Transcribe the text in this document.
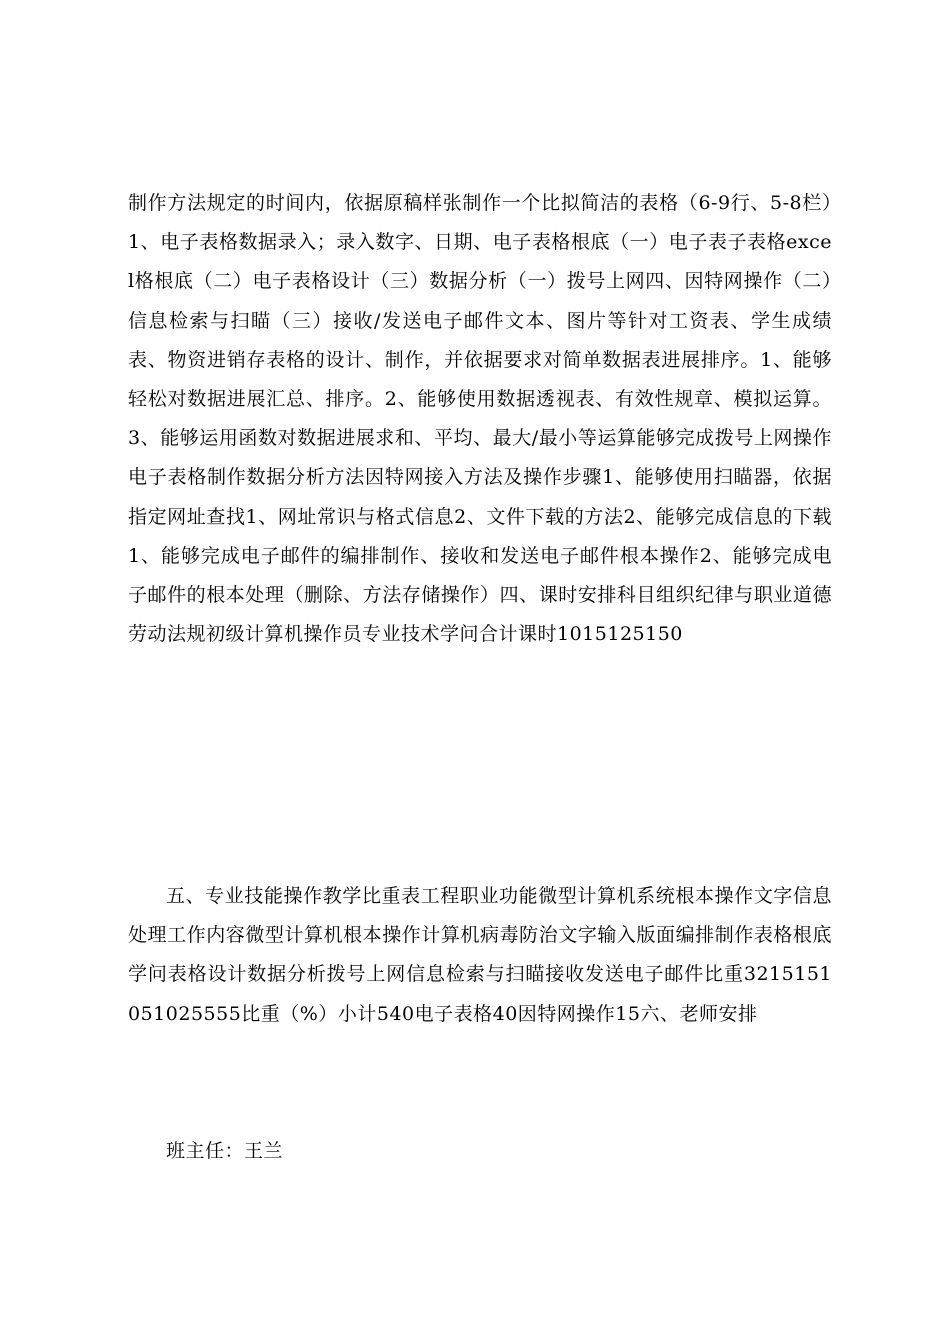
制作方法规定的时间内，依据原稿样张制作一个比拟简洁的表格（6-9行、5-8栏）1、电子表格数据录入；录入数字、日期、电子表格根底（一）电子表子表格excel格根底（二）电子表格设计（三）数据分析（一）拨号上网四、因特网操作（二）信息检索与扫瞄（三）接收/发送电子邮件文本、图片等针对工资表、学生成绩表、物资进销存表格的设计、制作，并依据要求对简单数据表进展排序。1、能够轻松对数据进展汇总、排序。2、能够使用数据透视表、有效性规章、模拟运算。3、能够运用函数对数据进展求和、平均、最大/最小等运算能够完成拨号上网操作电子表格制作数据分析方法因特网接入方法及操作步骤1、能够使用扫瞄器，依据指定网址查找1、网址常识与格式信息2、文件下载的方法2、能够完成信息的下载1、能够完成电子邮件的编排制作、接收和发送电子邮件根本操作2、能够完成电子邮件的根本处理（删除、方法存储操作）四、课时安排科目组织纪律与职业道德劳动法规初级计算机操作员专业技术学问合计课时1015125150

五、专业技能操作教学比重表工程职业功能微型计算机系统根本操作文字信息处理工作内容微型计算机根本操作计算机病毒防治文字输入版面编排制作表格根底学问表格设计数据分析拨号上网信息检索与扫瞄接收发送电子邮件比重3215151051025555比重（%）小计540电子表格40因特网操作15六、老师安排

班主任：王兰
